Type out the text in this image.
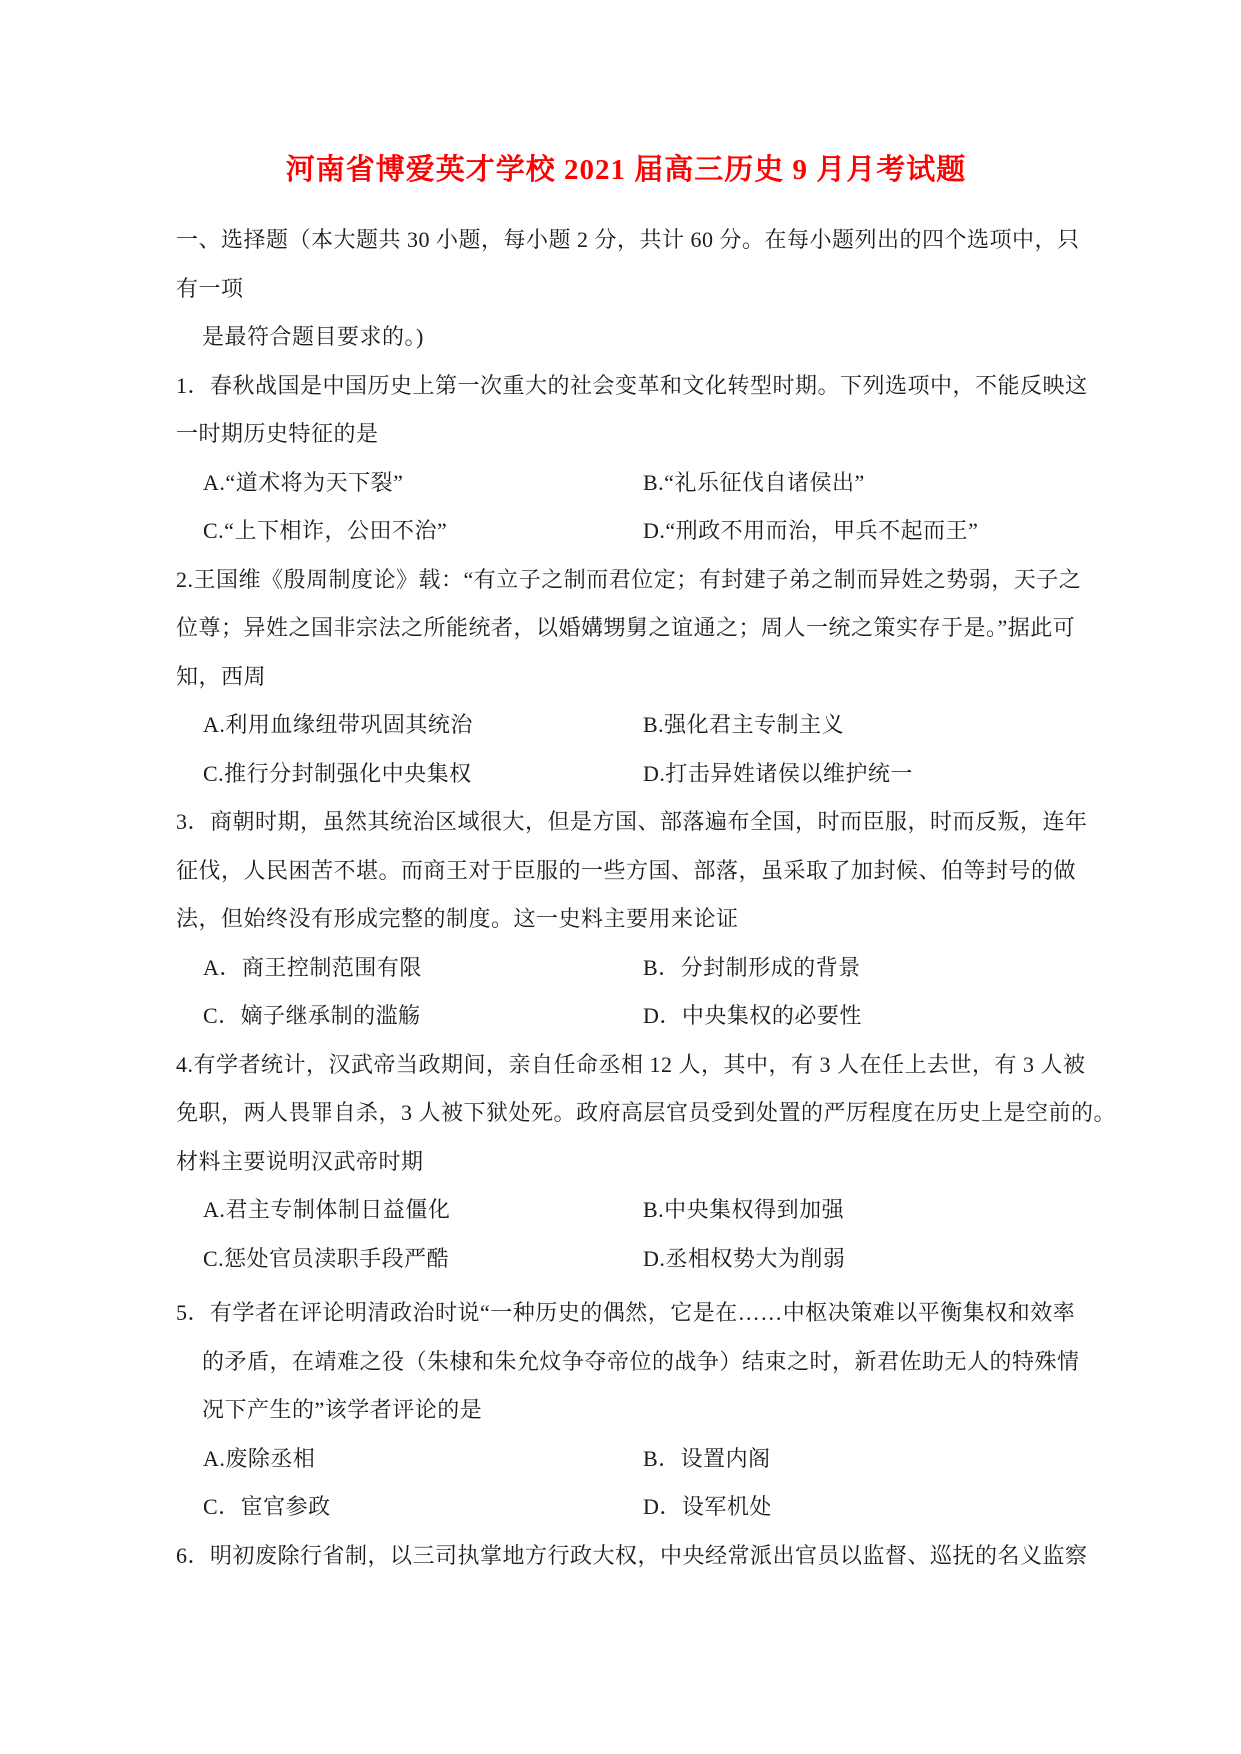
河南省博爱英才学校 2021 届高三历史 9 月月考试题
一、选择题（本大题共 30 小题，每小题 2 分，共计 60 分。在每小题列出的四个选项中，只
有一项
是最符合题目要求的。)
1．春秋战国是中国历史上第一次重大的社会变革和文化转型时期。下列选项中，不能反映这
一时期历史特征的是
A.“道术将为天下裂”	B.“礼乐征伐自诸侯出”
C.“上下相诈，公田不治”	D.“刑政不用而治，甲兵不起而王”
2.王国维《殷周制度论》载：“有立子之制而君位定；有封建子弟之制而异姓之势弱，天子之
位尊；异姓之国非宗法之所能统者，以婚媾甥舅之谊通之；周人一统之策实存于是。”据此可
知，西周
A.利用血缘纽带巩固其统治	B.强化君主专制主义
C.推行分封制强化中央集权	D.打击异姓诸侯以维护统一
3．商朝时期，虽然其统治区域很大，但是方国、部落遍布全国，时而臣服，时而反叛，连年
征伐，人民困苦不堪。而商王对于臣服的一些方国、部落，虽采取了加封候、伯等封号的做
法，但始终没有形成完整的制度。这一史料主要用来论证
A．商王控制范围有限	B．分封制形成的背景
C．嫡子继承制的滥觞	D．中央集权的必要性
4.有学者统计，汉武帝当政期间，亲自任命丞相 12 人，其中，有 3 人在任上去世，有 3 人被
免职，两人畏罪自杀，3 人被下狱处死。政府高层官员受到处置的严厉程度在历史上是空前的。
材料主要说明汉武帝时期
A.君主专制体制日益僵化	B.中央集权得到加强
C.惩处官员渎职手段严酷	D.丞相权势大为削弱
5．有学者在评论明清政治时说“一种历史的偶然，它是在……中枢决策难以平衡集权和效率
的矛盾，在靖难之役（朱棣和朱允炆争夺帝位的战争）结束之时，新君佐助无人的特殊情
况下产生的”该学者评论的是
A.废除丞相	B．设置内阁
C．宦官参政	D．设军机处
6．明初废除行省制，以三司执掌地方行政大权，中央经常派出官员以监督、巡抚的名义监察
